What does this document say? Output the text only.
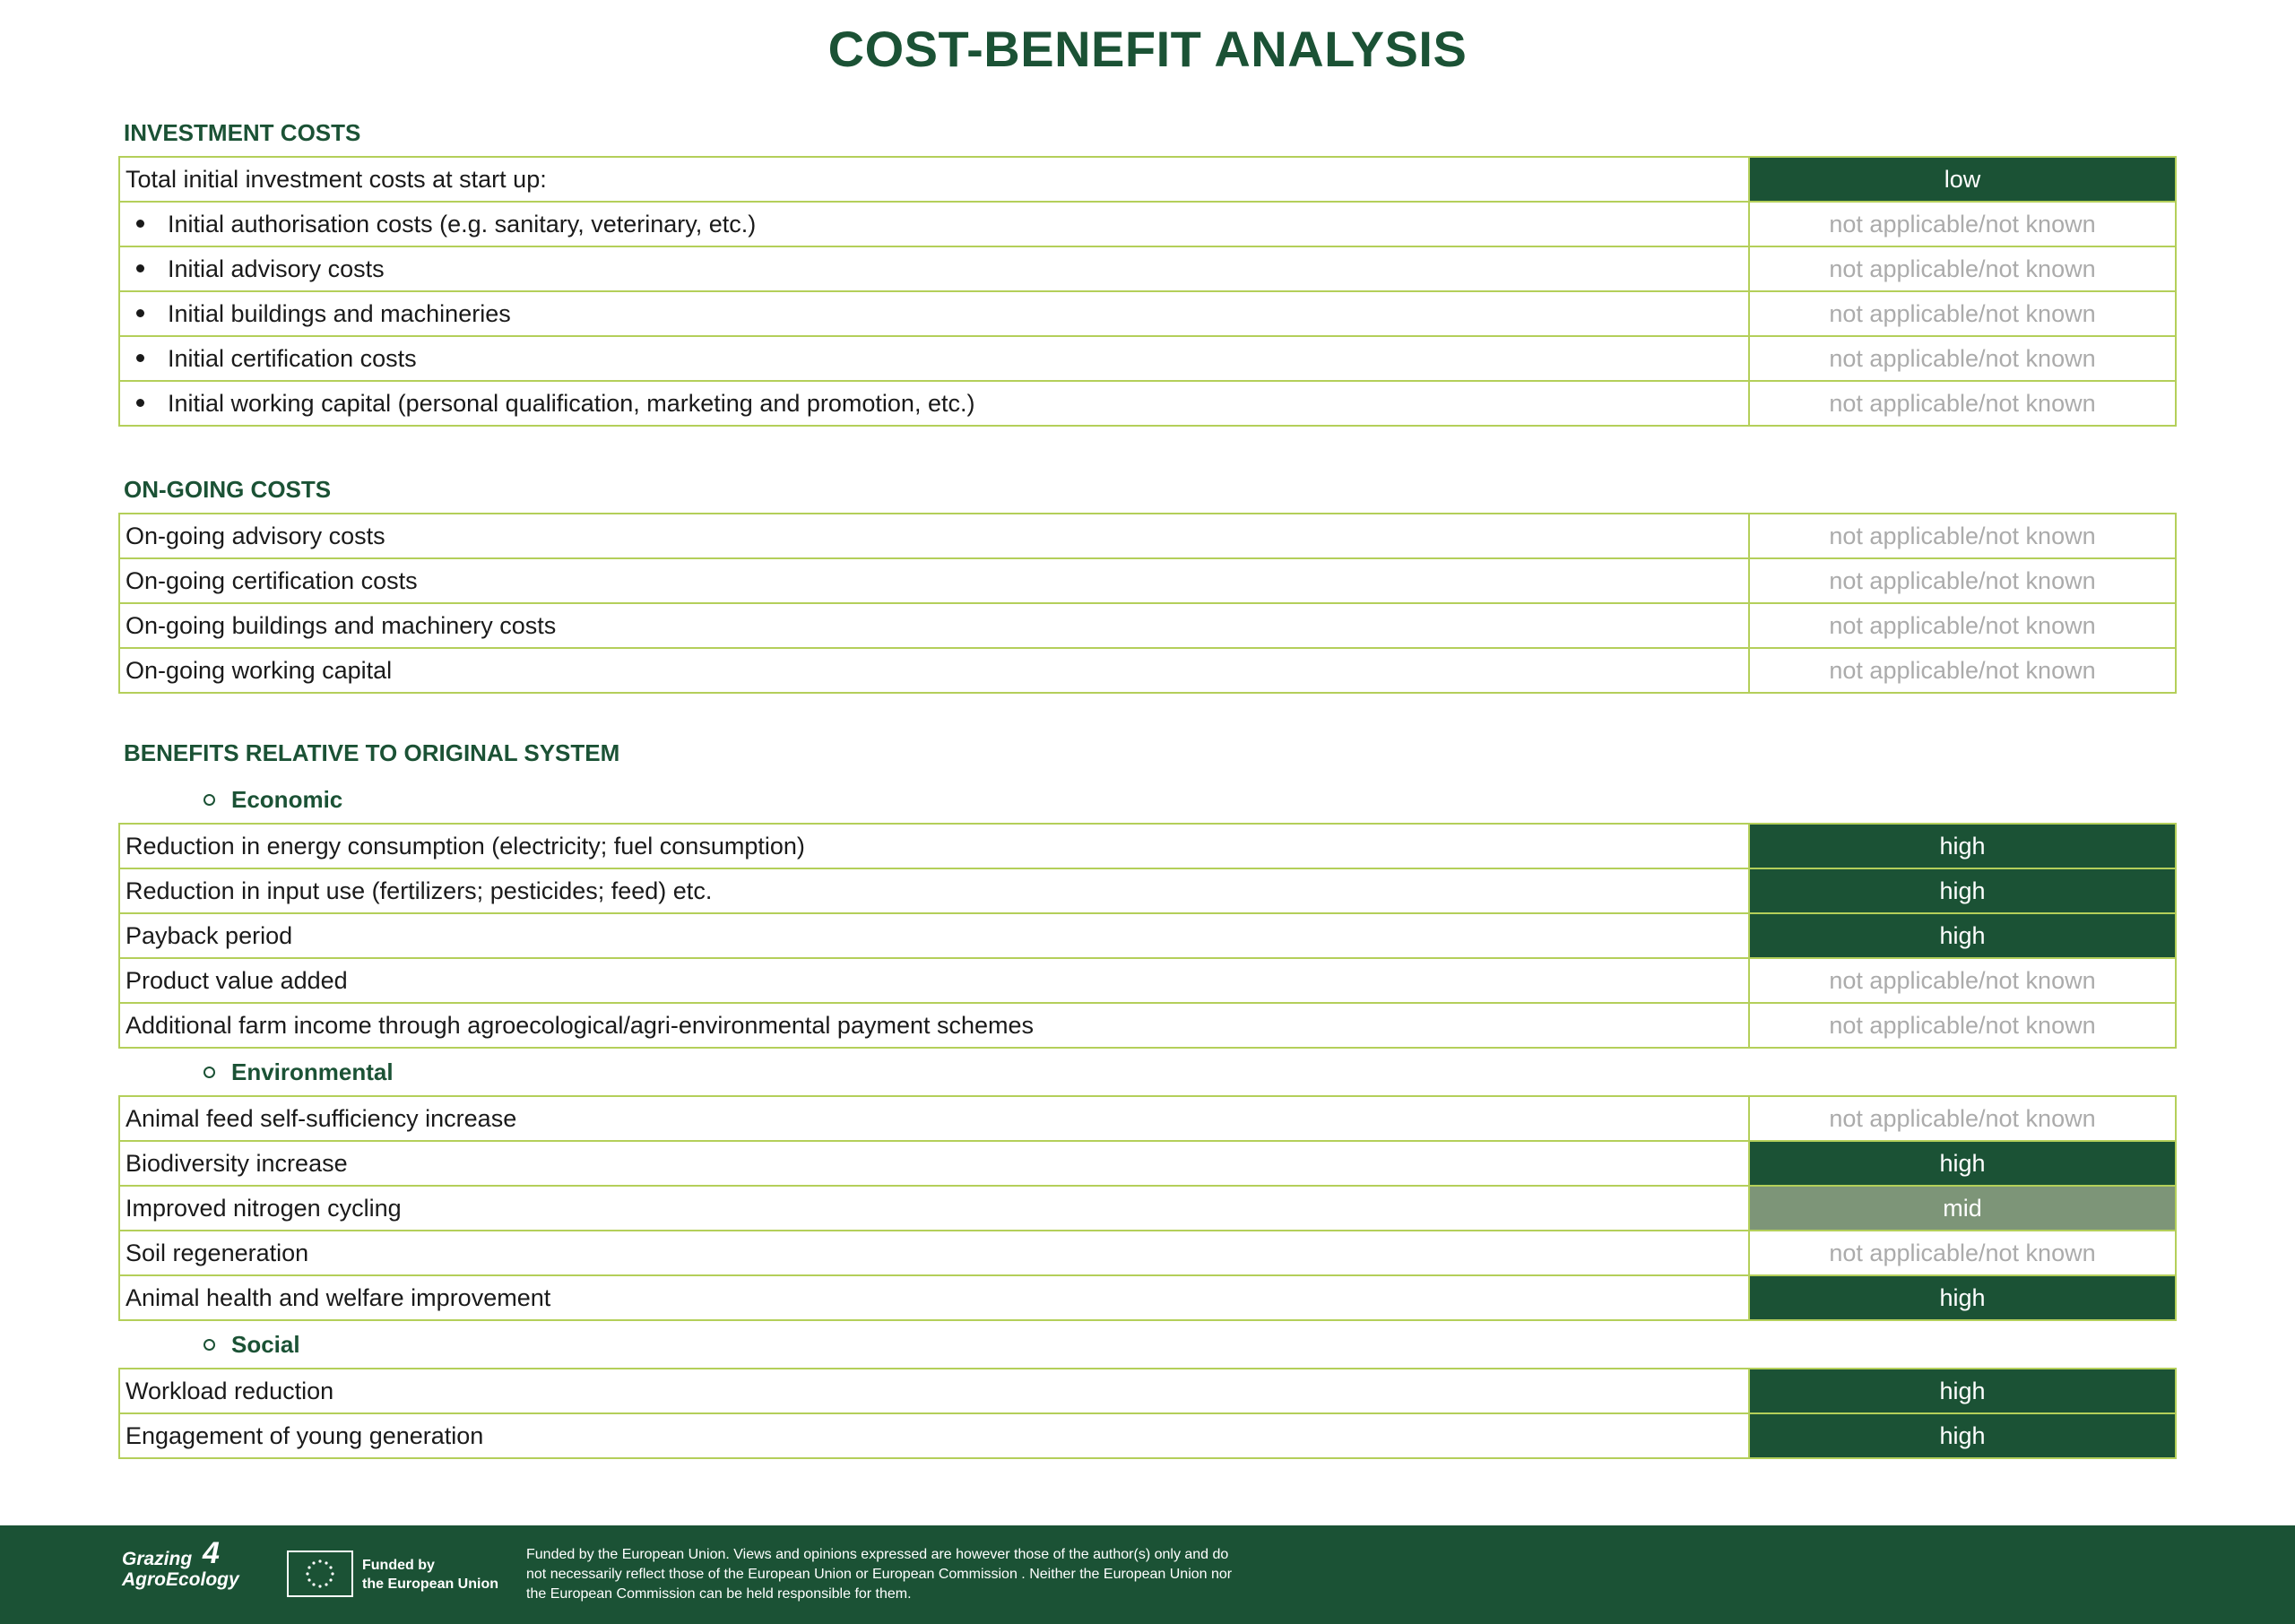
COST-BENEFIT ANALYSIS
INVESTMENT COSTS
Total initial investment costs at start up:	low
Initial authorisation costs (e.g. sanitary, veterinary, etc.)	not applicable/not known
Initial advisory costs	not applicable/not known
Initial buildings and machineries	not applicable/not known
Initial certification costs	not applicable/not known
Initial working capital (personal qualification, marketing and promotion, etc.)	not applicable/not known
ON-GOING COSTS
On-going advisory costs	not applicable/not known
On-going certification costs	not applicable/not known
On-going buildings and machinery costs	not applicable/not known
On-going working capital	not applicable/not known
BENEFITS RELATIVE TO ORIGINAL SYSTEM
Economic
Reduction in energy consumption (electricity; fuel consumption)	high
Reduction in input use (fertilizers; pesticides; feed) etc.	high
Payback period	high
Product value added	not applicable/not known
Additional farm income through agroecological/agri-environmental payment schemes	not applicable/not known
Environmental
Animal feed self-sufficiency increase	not applicable/not known
Biodiversity increase	high
Improved nitrogen cycling	mid
Soil regeneration	not applicable/not known
Animal health and welfare improvement	high
Social
Workload reduction	high
Engagement of young generation	high
Grazing
AgroEcology
4	Funded by
the European Union
Funded by the European Union. Views and opinions expressed are however those of the author(s) only and do not necessarily reflect those of the European Union or European Commission . Neither the European Union nor the European Commission can be held responsible for them.
